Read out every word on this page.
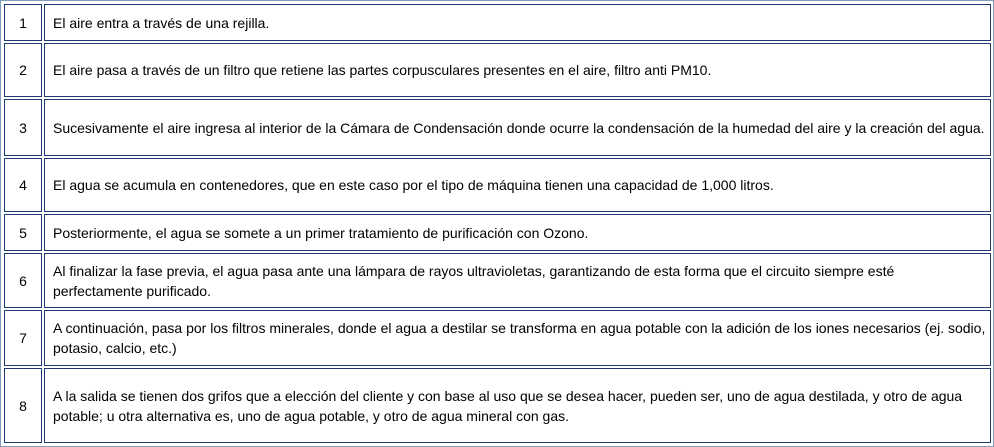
1	El aire entra a través de una rejilla.
2	El aire pasa a través de un filtro que retiene las partes corpusculares presentes en el aire, filtro anti PM10.
3	Sucesivamente el aire ingresa al interior de la Cámara de Condensación donde ocurre la condensación de la humedad del aire y la creación del agua.
4	El agua se acumula en contenedores, que en este caso por el tipo de máquina tienen una capacidad de 1,000 litros.
5	Posteriormente, el agua se somete a un primer tratamiento de purificación con Ozono.
6	Al finalizar la fase previa, el agua pasa ante una lámpara de rayos ultravioletas, garantizando de esta forma que el circuito siempre esté perfectamente purificado.
7	A continuación, pasa por los filtros minerales, donde el agua a destilar se transforma en agua potable con la adición de los iones necesarios (ej. sodio, potasio, calcio, etc.)
8	A la salida se tienen dos grifos que a elección del cliente y con base al uso que se desea hacer, pueden ser, uno de agua destilada, y otro de agua potable; u otra alternativa es, uno de agua potable, y otro de agua mineral con gas.
